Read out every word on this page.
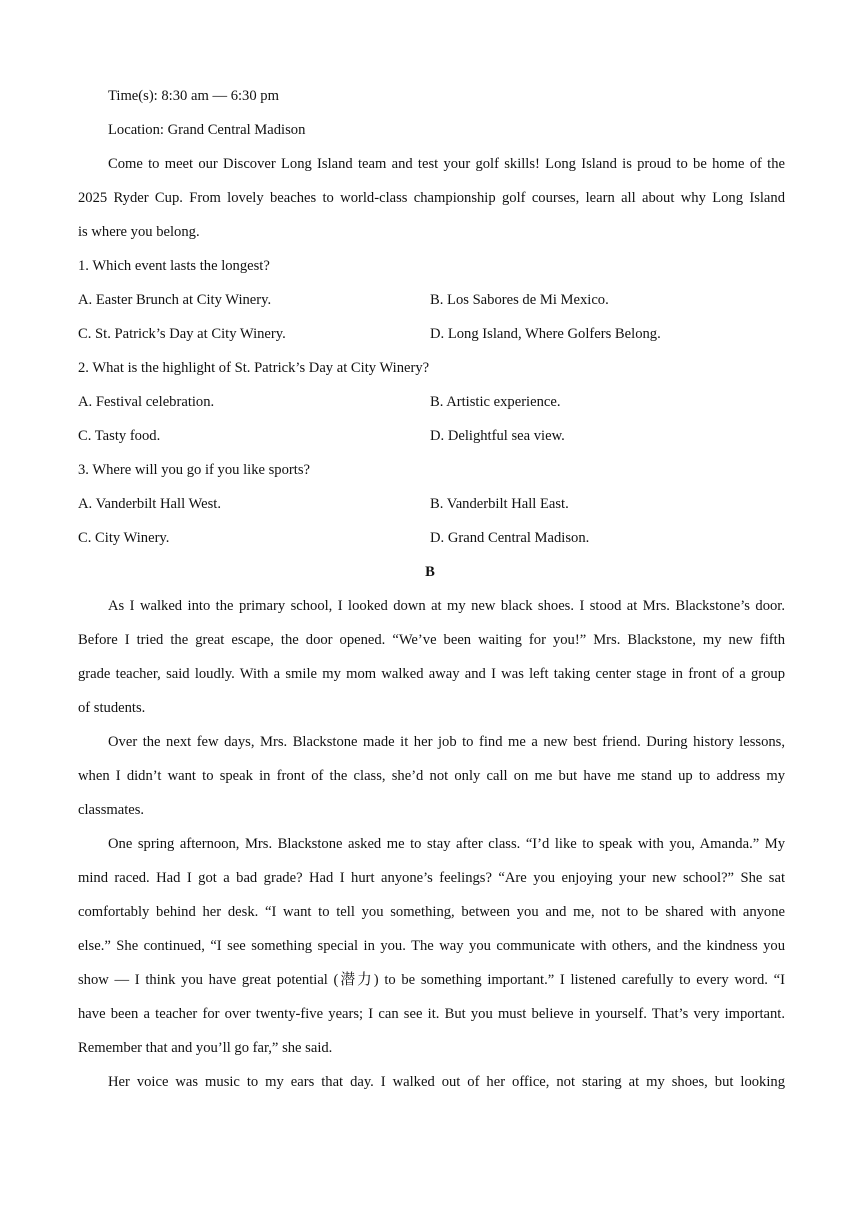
Time(s): 8:30 am — 6:30 pm
Location: Grand Central Madison
Come to meet our Discover Long Island team and test your golf skills! Long Island is proud to be home of the
2025 Ryder Cup. From lovely beaches to world-class championship golf courses, learn all about why Long Island
is where you belong.
1. Which event lasts the longest?
A. Easter Brunch at City Winery.	B. Los Sabores de Mi Mexico.
C. St. Patrick’s Day at City Winery.	D. Long Island, Where Golfers Belong.
2. What is the highlight of St. Patrick’s Day at City Winery?
A. Festival celebration.	B. Artistic experience.
C. Tasty food.	D. Delightful sea view.
3. Where will you go if you like sports?
A. Vanderbilt Hall West.	B. Vanderbilt Hall East.
C. City Winery.	D. Grand Central Madison.
B
As I walked into the primary school, I looked down at my new black shoes. I stood at Mrs. Blackstone’s door.
Before I tried the great escape, the door opened. “We’ve been waiting for you!” Mrs. Blackstone, my new fifth
grade teacher, said loudly. With a smile my mom walked away and I was left taking center stage in front of a group
of students.
Over the next few days, Mrs. Blackstone made it her job to find me a new best friend. During history lessons,
when I didn’t want to speak in front of the class, she’d not only call on me but have me stand up to address my
classmates.
One spring afternoon, Mrs. Blackstone asked me to stay after class. “I’d like to speak with you, Amanda.” My
mind raced. Had I got a bad grade? Had I hurt anyone’s feelings? “Are you enjoying your new school?” She sat
comfortably behind her desk. “I want to tell you something, between you and me, not to be shared with anyone
else.” She continued, “I see something special in you. The way you communicate with others, and the kindness you
show — I think you have great potential (潜力) to be something important.” I listened carefully to every word. “I
have been a teacher for over twenty-five years; I can see it. But you must believe in yourself. That’s very important.
Remember that and you’ll go far,” she said.
Her voice was music to my ears that day. I walked out of her office, not staring at my shoes, but looking
